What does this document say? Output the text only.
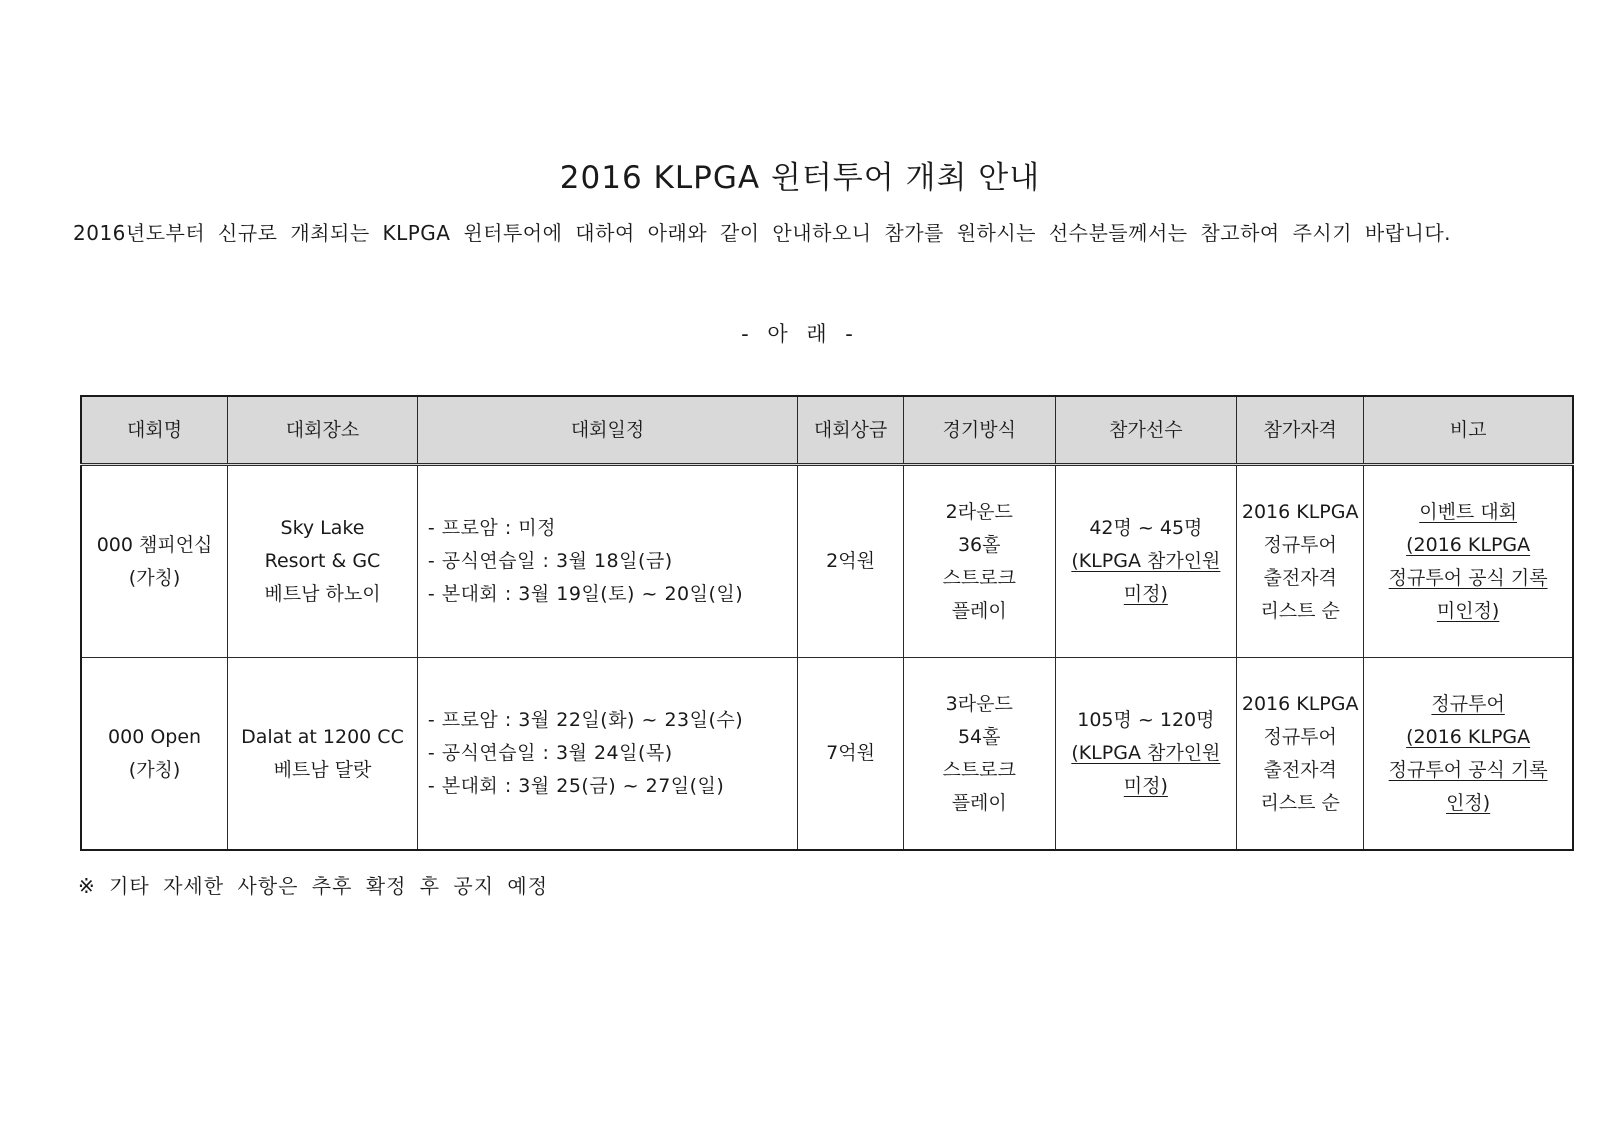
2016 KLPGA 윈터투어 개최 안내

2016년도부터 신규로 개최되는 KLPGA 윈터투어에 대하여 아래와 같이 안내하오니 참가를 원하시는 선수분들께서는 참고하여 주시기 바랍니다.

- 아 래 -
대회명	대회장소	대회일정	대회상금	경기방식	참가선수	참가자격	비고

000 챔피언십
(가칭)	Sky Lake
Resort & GC
베트남 하노이	- 프로암 : 미정
- 공식연습일 : 3월 18일(금)
- 본대회 : 3월 19일(토) ~ 20일(일)	2억원	2라운드
36홀
스트로크
플레이	42명 ~ 45명
(KLPGA 참가인원
미정)	2016 KLPGA
정규투어
출전자격
리스트 순	이벤트 대회
(2016 KLPGA
정규투어 공식 기록
미인정)

000 Open
(가칭)	Dalat at 1200 CC
베트남 달랏	- 프로암 : 3월 22일(화) ~ 23일(수)
- 공식연습일 : 3월 24일(목)
- 본대회 : 3월 25(금) ~ 27일(일)	7억원	3라운드
54홀
스트로크
플레이	105명 ~ 120명
(KLPGA 참가인원
미정)	2016 KLPGA
정규투어
출전자격
리스트 순	정규투어
(2016 KLPGA
정규투어 공식 기록
인정)
※ 기타 자세한 사항은 추후 확정 후 공지 예정
